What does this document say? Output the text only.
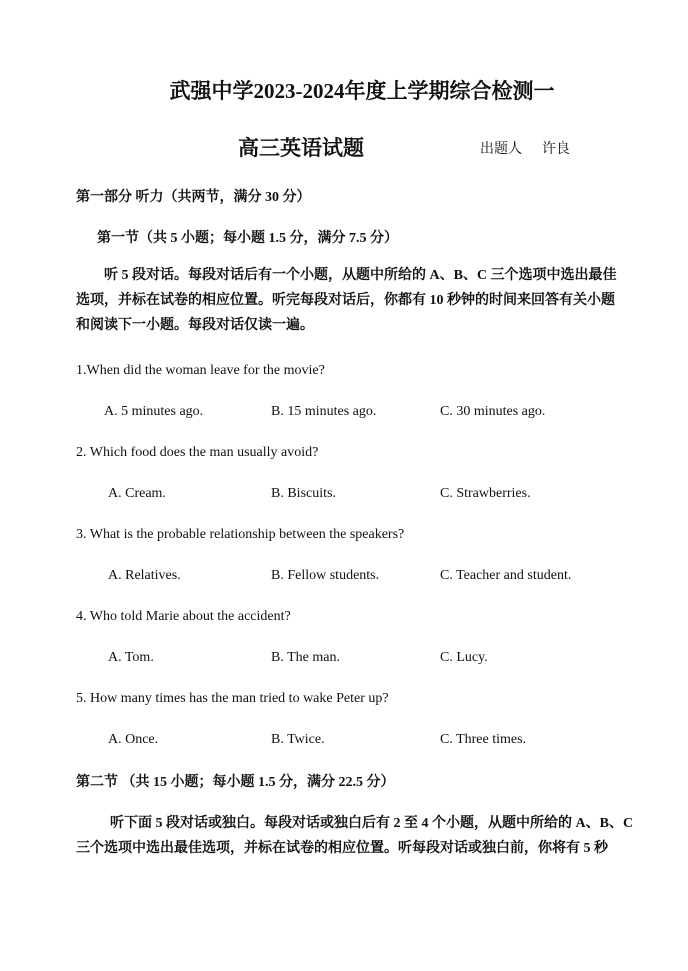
武强中学2023-2024年度上学期综合检测一
高三英语试题	出题人 许良
第一部分 听力（共两节，满分 30 分）
第一节（共 5 小题；每小题 1.5 分，满分 7.5 分）
听 5 段对话。每段对话后有一个小题，从题中所给的 A、B、C 三个选项中选出最佳
选项，并标在试卷的相应位置。听完每段对话后，你都有 10 秒钟的时间来回答有关小题
和阅读下一小题。每段对话仅读一遍。
1.When did the woman leave for the movie?
A. 5 minutes ago.	B. 15 minutes ago.	C. 30 minutes ago.
2. Which food does the man usually avoid?
A. Cream.	B. Biscuits.	C. Strawberries.
3. What is the probable relationship between the speakers?
A. Relatives.	B. Fellow students.	C. Teacher and student.
4. Who told Marie about the accident?
A. Tom.	B. The man.	C. Lucy.
5. How many times has the man tried to wake Peter up?
A. Once.	B. Twice.	C. Three times.
第二节 （共 15 小题；每小题 1.5 分，满分 22.5 分）
听下面 5 段对话或独白。每段对话或独白后有 2 至 4 个小题，从题中所给的 A、B、C
三个选项中选出最佳选项，并标在试卷的相应位置。听每段对话或独白前，你将有 5 秒
